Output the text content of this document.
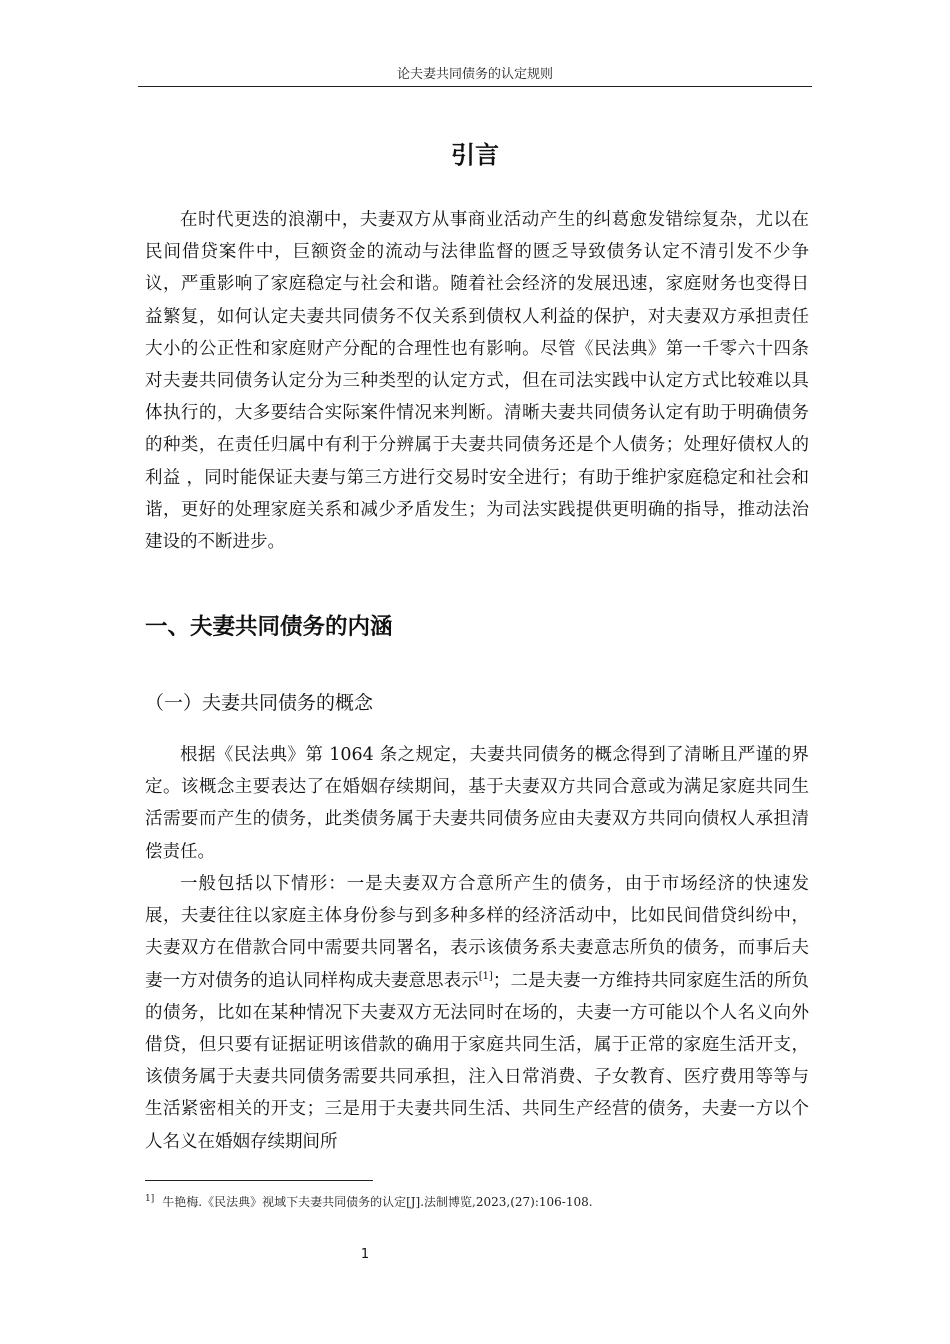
论夫妻共同债务的认定规则
引言

在时代更迭的浪潮中，夫妻双方从事商业活动产生的纠葛愈发错综复杂，尤以在民间借贷案件中，巨额资金的流动与法律监督的匮乏导致债务认定不清引发不少争议，严重影响了家庭稳定与社会和谐。随着社会经济的发展迅速，家庭财务也变得日益繁复，如何认定夫妻共同债务不仅关系到债权人利益的保护，对夫妻双方承担责任大小的公正性和家庭财产分配的合理性也有影响。尽管《民法典》第一千零六十四条对夫妻共同债务认定分为三种类型的认定方式，但在司法实践中认定方式比较难以具体执行的，大多要结合实际案件情况来判断。清晰夫妻共同债务认定有助于明确债务的种类，在责任归属中有利于分辨属于夫妻共同债务还是个人债务；处理好债权人的利益 ，同时能保证夫妻与第三方进行交易时安全进行；有助于维护家庭稳定和社会和谐，更好的处理家庭关系和减少矛盾发生；为司法实践提供更明确的指导，推动法治建设的不断进步。

一、夫妻共同债务的内涵
（一）夫妻共同债务的概念

根据《民法典》第 1064 条之规定，夫妻共同债务的概念得到了清晰且严谨的界定。该概念主要表达了在婚姻存续期间，基于夫妻双方共同合意或为满足家庭共同生活需要而产生的债务，此类债务属于夫妻共同债务应由夫妻双方共同向债权人承担清偿责任。

一般包括以下情形：一是夫妻双方合意所产生的债务，由于市场经济的快速发展，夫妻往往以家庭主体身份参与到多种多样的经济活动中，比如民间借贷纠纷中，夫妻双方在借款合同中需要共同署名，表示该债务系夫妻意志所负的债务，而事后夫妻一方对债务的追认同样构成夫妻意思表示[1]；二是夫妻一方维持共同家庭生活的所负的债务，比如在某种情况下夫妻双方无法同时在场的，夫妻一方可能以个人名义向外借贷，但只要有证据证明该借款的确用于家庭共同生活，属于正常的家庭生活开支，该债务属于夫妻共同债务需要共同承担，注入日常消费、子女教育、医疗费用等等与生活紧密相关的开支；三是用于夫妻共同生活、共同生产经营的债务，夫妻一方以个人名义在婚姻存续期间所

$^{1]}$ 牛艳梅.《民法典》视域下夫妻共同债务的认定[J].法制博览,2023,(27):106-108.
1
